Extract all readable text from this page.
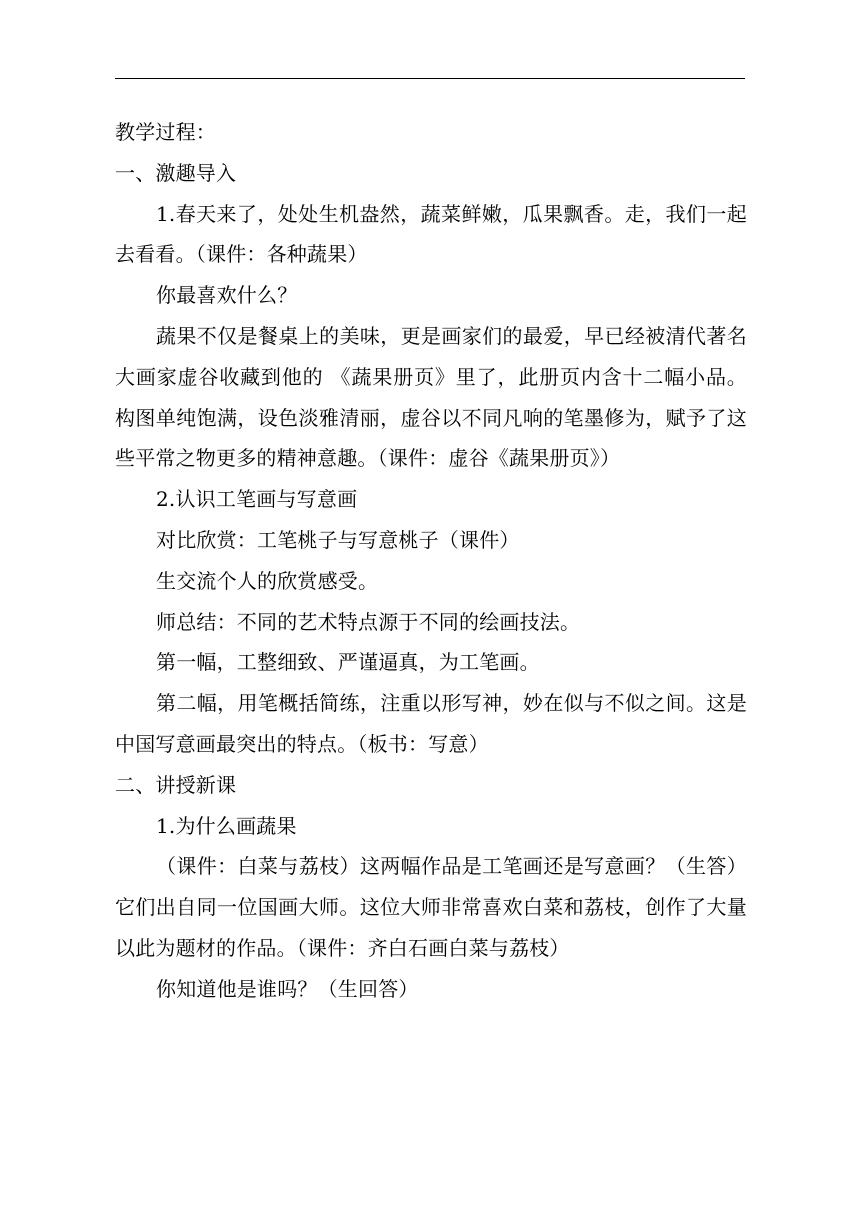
教学过程：

一、激趣导入

1.春天来了，处处生机盎然，蔬菜鲜嫩，瓜果飘香。走，我们一起去看看。（课件：各种蔬果）

你最喜欢什么？

蔬果不仅是餐桌上的美味，更是画家们的最爱，早已经被清代著名大画家虚谷收藏到他的 《蔬果册页》里了，此册页内含十二幅小品。构图单纯饱满，设色淡雅清丽，虚谷以不同凡响的笔墨修为，赋予了这些平常之物更多的精神意趣。（课件：虚谷《蔬果册页》）

2.认识工笔画与写意画

对比欣赏：工笔桃子与写意桃子（课件）

生交流个人的欣赏感受。

师总结：不同的艺术特点源于不同的绘画技法。

第一幅，工整细致、严谨逼真，为工笔画。

第二幅，用笔概括简练，注重以形写神，妙在似与不似之间。这是中国写意画最突出的特点。（板书：写意）

二、讲授新课

1.为什么画蔬果

（课件：白菜与荔枝）这两幅作品是工笔画还是写意画？（生答）它们出自同一位国画大师。这位大师非常喜欢白菜和荔枝，创作了大量以此为题材的作品。（课件：齐白石画白菜与荔枝）

你知道他是谁吗？（生回答）
